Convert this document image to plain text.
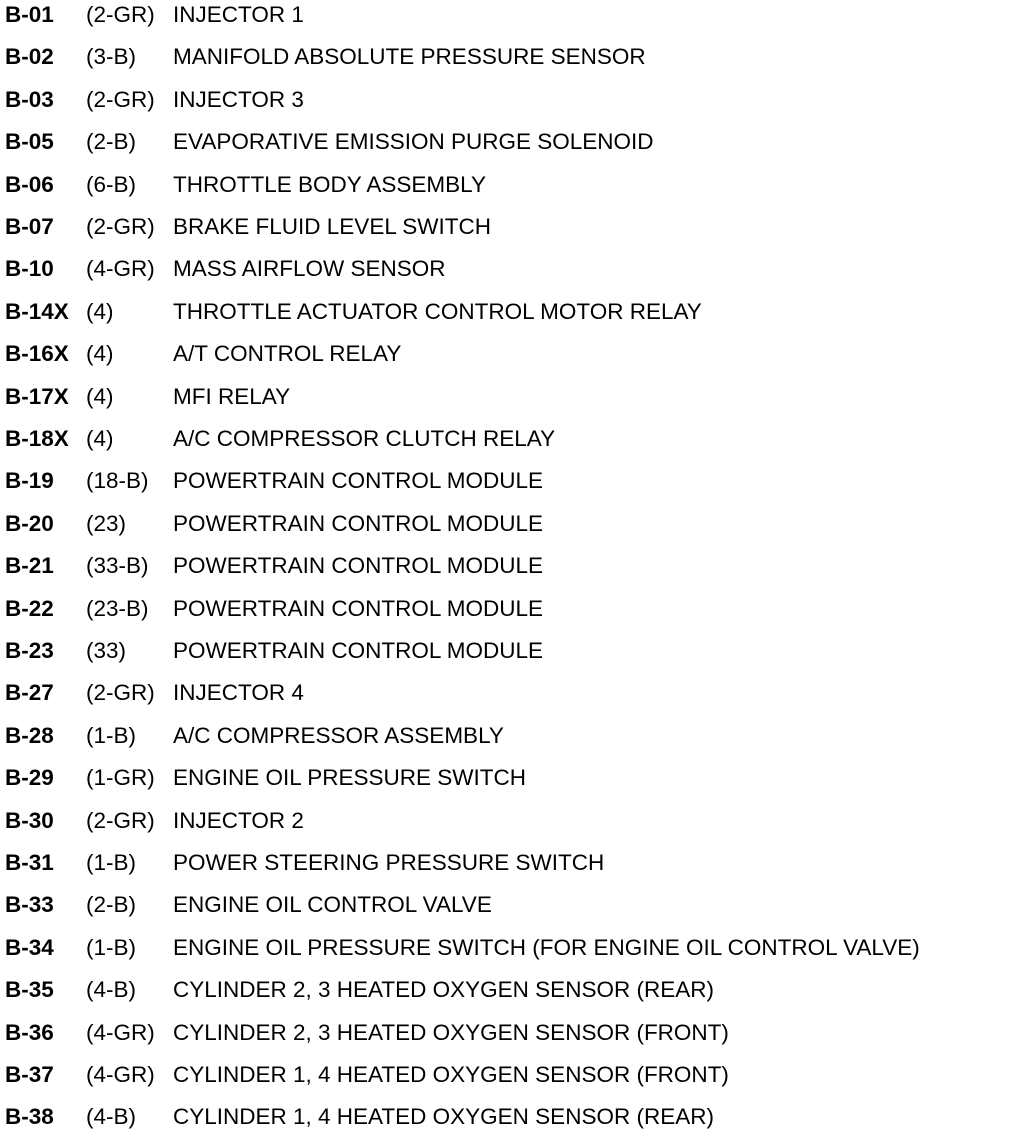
B-01 (2-GR) INJECTOR 1
B-02 (3-B) MANIFOLD ABSOLUTE PRESSURE SENSOR
B-03 (2-GR) INJECTOR 3
B-05 (2-B) EVAPORATIVE EMISSION PURGE SOLENOID
B-06 (6-B) THROTTLE BODY ASSEMBLY
B-07 (2-GR) BRAKE FLUID LEVEL SWITCH
B-10 (4-GR) MASS AIRFLOW SENSOR
B-14X (4)	THROTTLE ACTUATOR CONTROL MOTOR RELAY
B-16X (4)	A/T CONTROL RELAY
B-17X (4)	MFI RELAY
B-18X (4)	A/C COMPRESSOR CLUTCH RELAY
B-19 (18-B) POWERTRAIN CONTROL MODULE
B-20 (23) POWERTRAIN CONTROL MODULE
B-21 (33-B) POWERTRAIN CONTROL MODULE
B-22 (23-B) POWERTRAIN CONTROL MODULE
B-23 (33) POWERTRAIN CONTROL MODULE
B-27 (2-GR) INJECTOR 4
B-28 (1-B) A/C COMPRESSOR ASSEMBLY
B-29 (1-GR) ENGINE OIL PRESSURE SWITCH
B-30 (2-GR) INJECTOR 2
B-31 (1-B) POWER STEERING PRESSURE SWITCH
B-33 (2-B) ENGINE OIL CONTROL VALVE
B-34 (1-B) ENGINE OIL PRESSURE SWITCH (FOR ENGINE OIL CONTROL VALVE)
B-35 (4-B) CYLINDER 2, 3 HEATED OXYGEN SENSOR (REAR)
B-36 (4-GR) CYLINDER 2, 3 HEATED OXYGEN SENSOR (FRONT)
B-37 (4-GR) CYLINDER 1, 4 HEATED OXYGEN SENSOR (FRONT)
B-38 (4-B) CYLINDER 1, 4 HEATED OXYGEN SENSOR (REAR)
